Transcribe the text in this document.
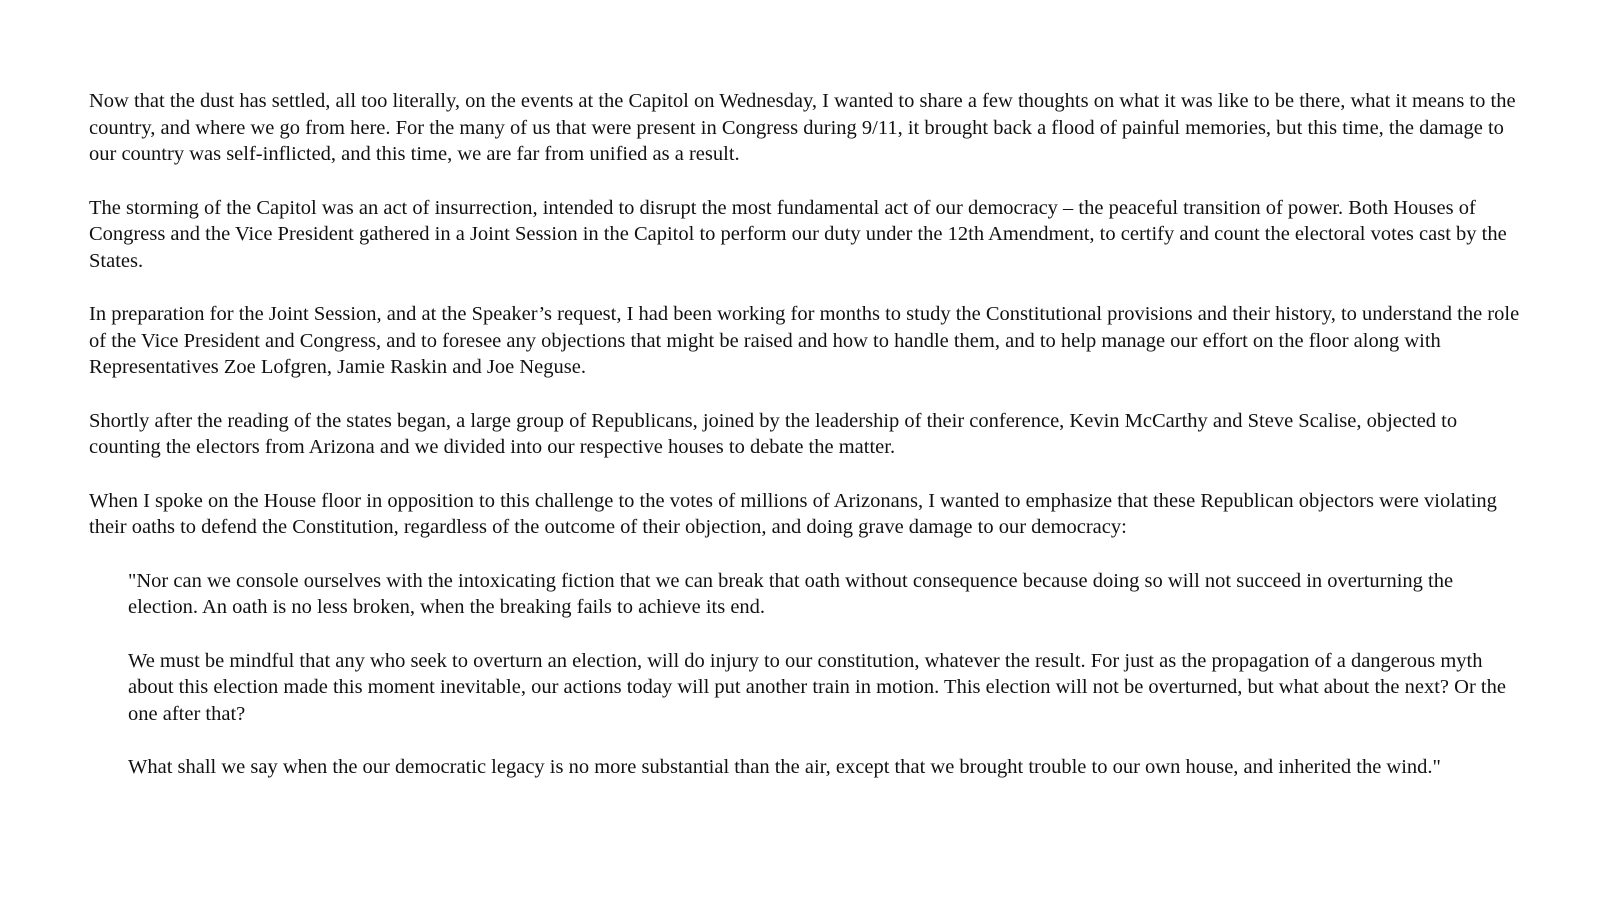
Now that the dust has settled, all too literally, on the events at the Capitol on Wednesday, I wanted to share a few thoughts on what it was like to be there, what it means to the country, and where we go from here. For the many of us that were present in Congress during 9/11, it brought back a flood of painful memories, but this time, the damage to our country was self-inflicted, and this time, we are far from unified as a result.

The storming of the Capitol was an act of insurrection, intended to disrupt the most fundamental act of our democracy – the peaceful transition of power. Both Houses of Congress and the Vice President gathered in a Joint Session in the Capitol to perform our duty under the 12th Amendment, to certify and count the electoral votes cast by the States.

In preparation for the Joint Session, and at the Speaker’s request, I had been working for months to study the Constitutional provisions and their history, to understand the role of the Vice President and Congress, and to foresee any objections that might be raised and how to handle them, and to help manage our effort on the floor along with Representatives Zoe Lofgren, Jamie Raskin and Joe Neguse.

Shortly after the reading of the states began, a large group of Republicans, joined by the leadership of their conference, Kevin McCarthy and Steve Scalise, objected to counting the electors from Arizona and we divided into our respective houses to debate the matter.

When I spoke on the House floor in opposition to this challenge to the votes of millions of Arizonans, I wanted to emphasize that these Republican objectors were violating their oaths to defend the Constitution, regardless of the outcome of their objection, and doing grave damage to our democracy:

"Nor can we console ourselves with the intoxicating fiction that we can break that oath without consequence because doing so will not succeed in overturning the election. An oath is no less broken, when the breaking fails to achieve its end.

We must be mindful that any who seek to overturn an election, will do injury to our constitution, whatever the result. For just as the propagation of a dangerous myth about this election made this moment inevitable, our actions today will put another train in motion. This election will not be overturned, but what about the next? Or the one after that?

What shall we say when the our democratic legacy is no more substantial than the air, except that we brought trouble to our own house, and inherited the wind."
